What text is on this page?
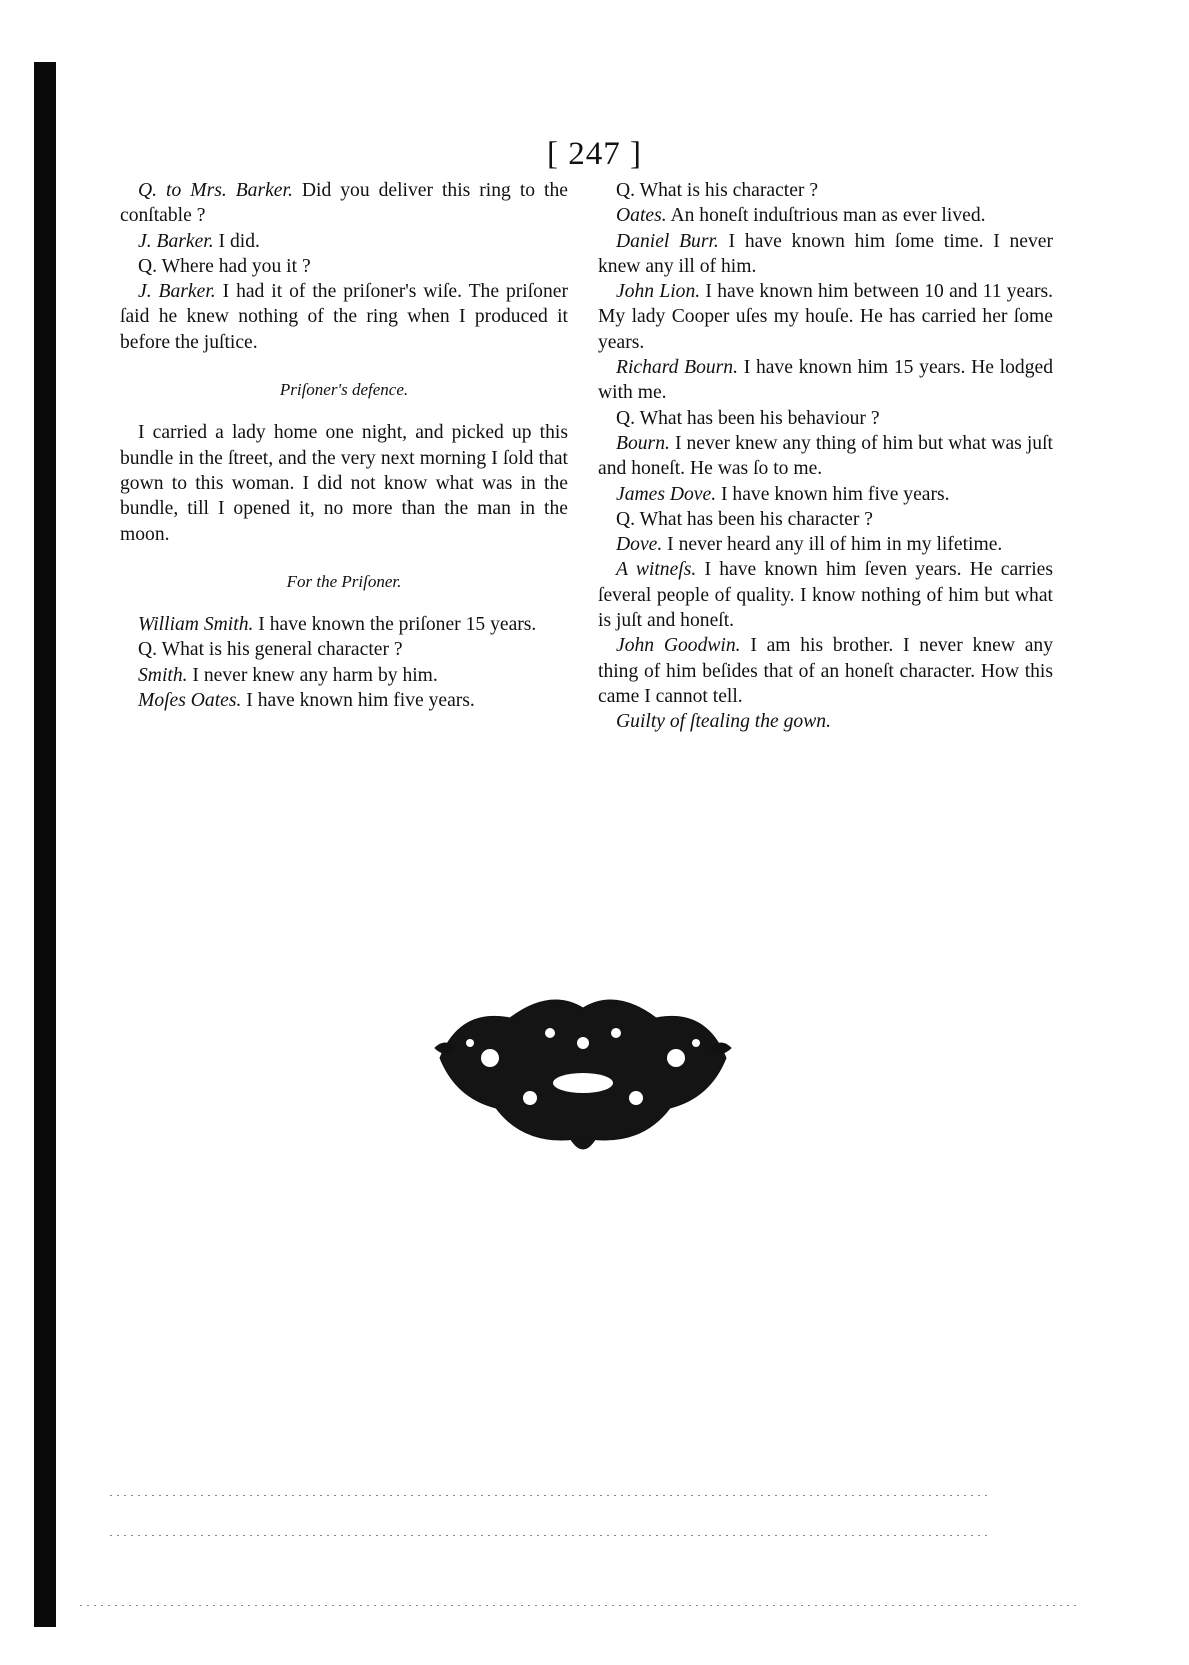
[ 247 ]

Q. to Mrs. Barker. Did you deliver this ring to the conſtable ?

J. Barker. I did.

Q. Where had you it ?

J. Barker. I had it of the priſoner's wiſe. The priſoner ſaid he knew nothing of the ring when I produced it before the juſtice.

Priſoner's defence.

I carried a lady home one night, and picked up this bundle in the ſtreet, and the very next morning I ſold that gown to this woman. I did not know what was in the bundle, till I opened it, no more than the man in the moon.

For the Priſoner.

William Smith. I have known the priſoner 15 years.

Q. What is his general character ?

Smith. I never knew any harm by him.

Moſes Oates. I have known him five years.

Q. What is his character ?

Oates. An honeſt induſtrious man as ever lived.

Daniel Burr. I have known him ſome time. I never knew any ill of him.

John Lion. I have known him between 10 and 11 years. My lady Cooper uſes my houſe. He has carried her ſome years.

Richard Bourn. I have known him 15 years. He lodged with me.

Q. What has been his behaviour ?

Bourn. I never knew any thing of him but what was juſt and honeſt. He was ſo to me.

James Dove. I have known him five years.

Q. What has been his character ?

Dove. I never heard any ill of him in my lifetime.

A witneſs. I have known him ſeven years. He carries ſeveral people of quality. I know nothing of him but what is juſt and honeſt.

John Goodwin. I am his brother. I never knew any thing of him beſides that of an honeſt character. How this came I cannot tell.

Guilty of ſtealing the gown.
